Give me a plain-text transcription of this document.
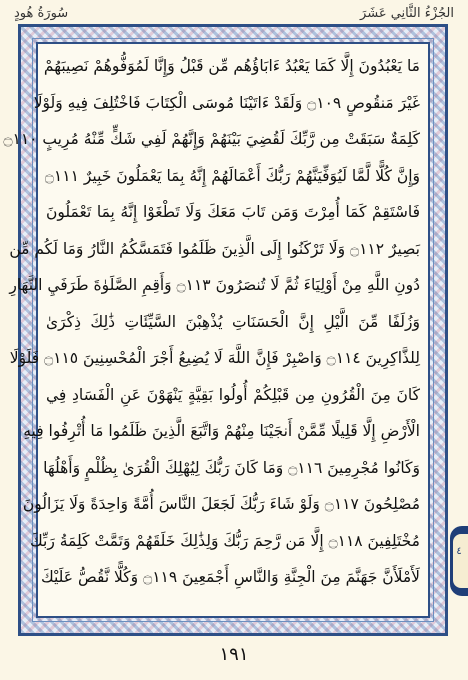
سُورَةُ هُودٍ	الجُزْءُ الثَّانِي عَشَرَ
مَا يَعْبُدُونَ إِلَّا كَمَا يَعْبُدُ ءَابَاؤُهُم مِّن قَبْلُ وَإِنَّا لَمُوَفُّوهُمْ نَصِيبَهُمْ
غَيْرَ مَنقُوصٍ ۝١٠٩ وَلَقَدْ ءَاتَيْنَا مُوسَى الْكِتَابَ فَاخْتُلِفَ فِيهِ وَلَوْلَا
كَلِمَةٌ سَبَقَتْ مِن رَّبِّكَ لَقُضِيَ بَيْنَهُمْ وَإِنَّهُمْ لَفِي شَكٍّ مِّنْهُ مُرِيبٍ ۝١١٠
وَإِنَّ كُلًّا لَّمَّا لَيُوَفِّيَنَّهُمْ رَبُّكَ أَعْمَالَهُمْ إِنَّهُ بِمَا يَعْمَلُونَ خَبِيرٌ ۝١١١
فَاسْتَقِمْ كَمَا أُمِرْتَ وَمَن تَابَ مَعَكَ وَلَا تَطْغَوْا إِنَّهُ بِمَا تَعْمَلُونَ
بَصِيرٌ ۝١١٢ وَلَا تَرْكَنُوا إِلَى الَّذِينَ ظَلَمُوا فَتَمَسَّكُمُ النَّارُ وَمَا لَكُم مِّن
دُونِ اللَّهِ مِنْ أَوْلِيَاءَ ثُمَّ لَا تُنصَرُونَ ۝١١٣ وَأَقِمِ الصَّلَوٰةَ طَرَفَيِ النَّهَارِ
وَزُلَفًا مِّنَ الَّيْلِ إِنَّ الْحَسَنَاتِ يُذْهِبْنَ السَّيِّئَاتِ ذَٰلِكَ ذِكْرَىٰ
لِلذَّاكِرِينَ ۝١١٤ وَاصْبِرْ فَإِنَّ اللَّهَ لَا يُضِيعُ أَجْرَ الْمُحْسِنِينَ ۝١١٥ فَلَوْلَا
كَانَ مِنَ الْقُرُونِ مِن قَبْلِكُمْ أُولُوا بَقِيَّةٍ يَنْهَوْنَ عَنِ الْفَسَادِ فِي
الْأَرْضِ إِلَّا قَلِيلًا مِّمَّنْ أَنجَيْنَا مِنْهُمْ وَاتَّبَعَ الَّذِينَ ظَلَمُوا مَا أُتْرِفُوا فِيهِ
وَكَانُوا مُجْرِمِينَ ۝١١٦ وَمَا كَانَ رَبُّكَ لِيُهْلِكَ الْقُرَىٰ بِظُلْمٍ وَأَهْلُهَا
مُصْلِحُونَ ۝١١٧ وَلَوْ شَاءَ رَبُّكَ لَجَعَلَ النَّاسَ أُمَّةً وَاحِدَةً وَلَا يَزَالُونَ
مُخْتَلِفِينَ ۝١١٨ إِلَّا مَن رَّحِمَ رَبُّكَ وَلِذَٰلِكَ خَلَقَهُمْ وَتَمَّتْ كَلِمَةُ رَبِّكَ
لَأَمْلَأَنَّ جَهَنَّمَ مِنَ الْجِنَّةِ وَالنَّاسِ أَجْمَعِينَ ۝١١٩ وَكُلًّا نَّقُصُّ عَلَيْكَ
٤
١٩١
